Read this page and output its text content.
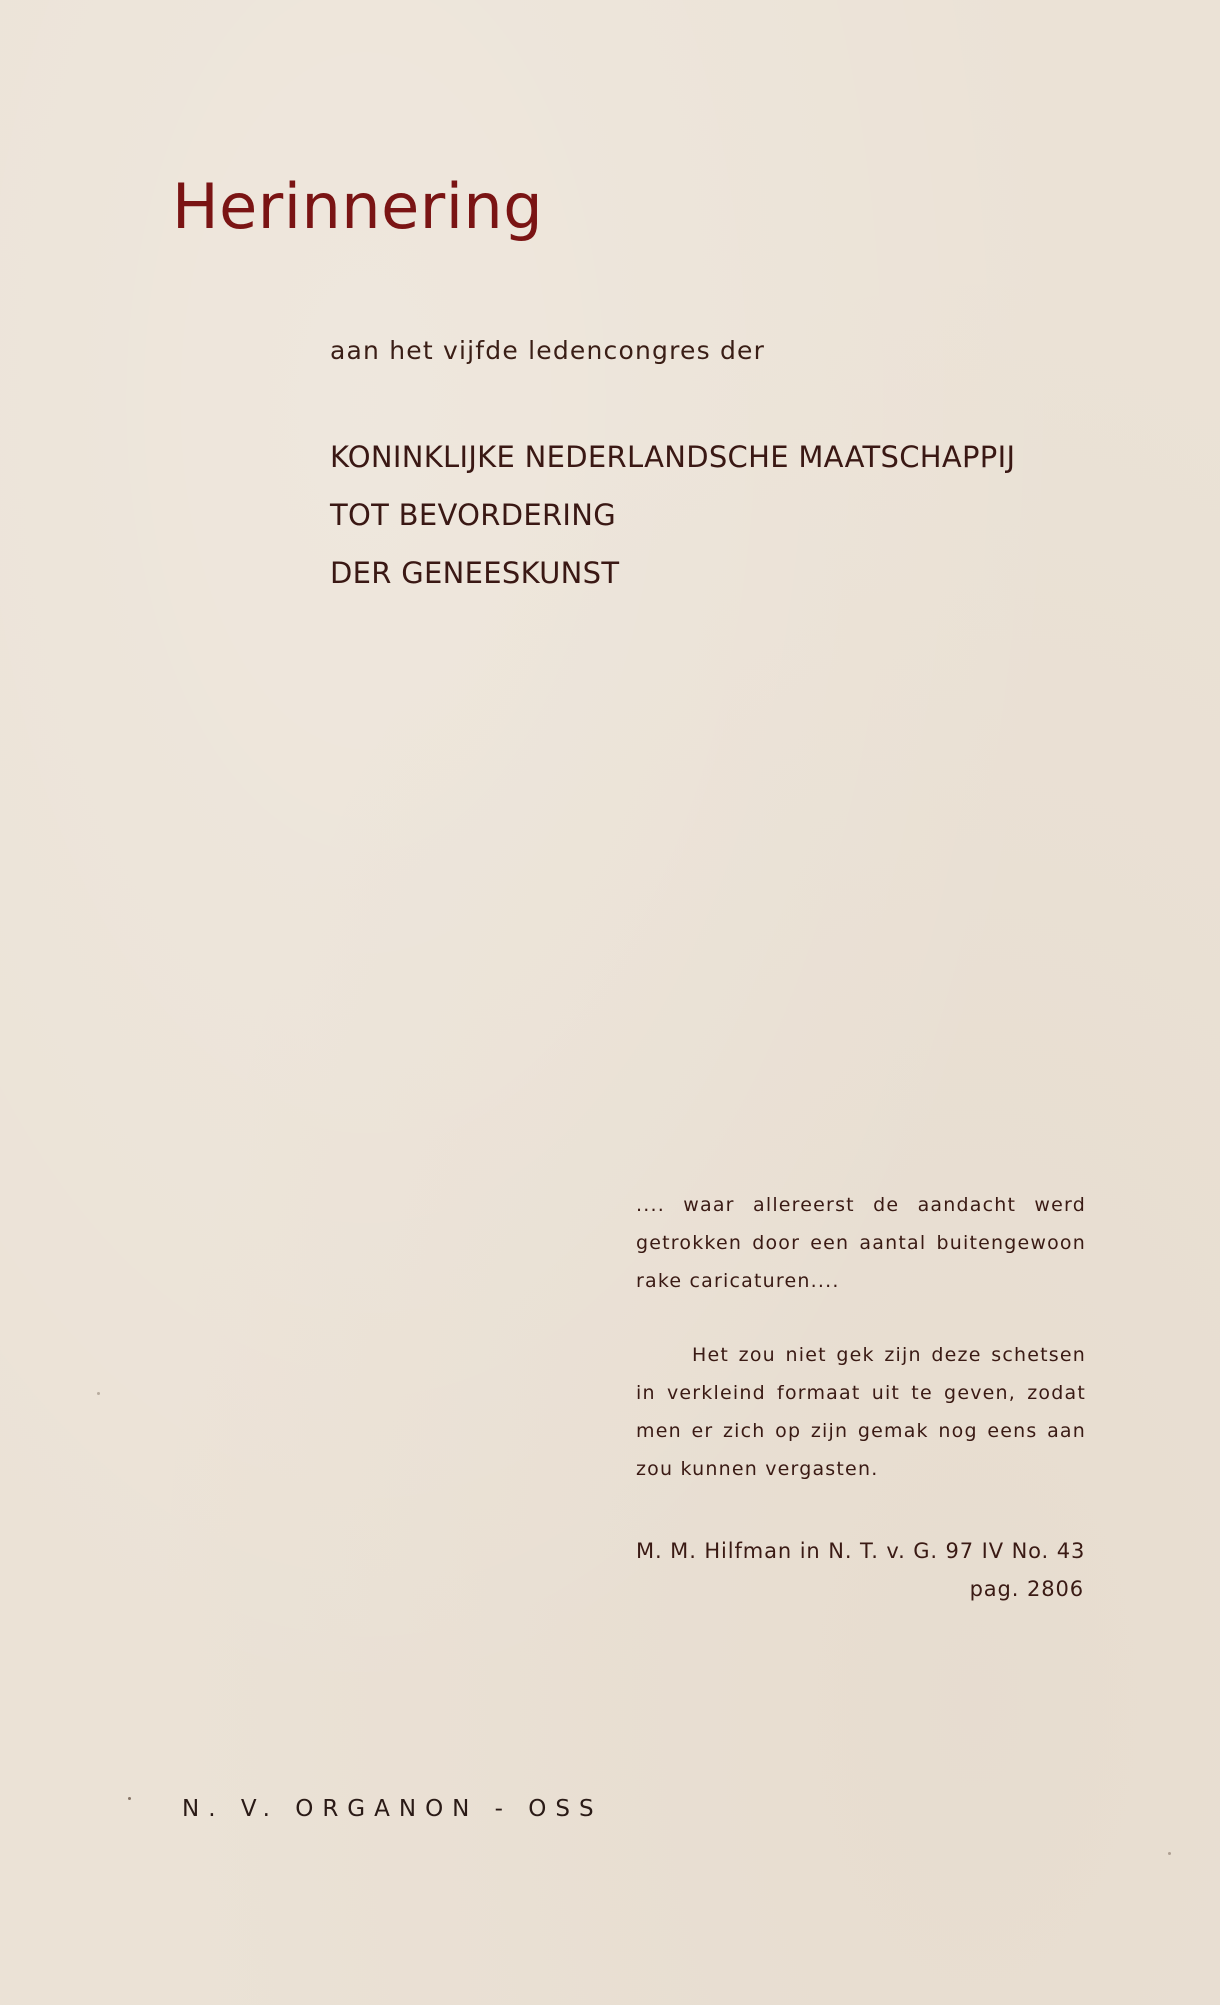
Herinnering

aan het vijfde ledencongres der

KONINKLIJKE NEDERLANDSCHE MAATSCHAPPIJ
TOT BEVORDERING
DER GENEESKUNST

.... waar allereerst de aandacht werd getrokken door een aantal buitengewoon rake caricaturen....

Het zou niet gek zijn deze schetsen in verkleind formaat uit te geven, zodat men er zich op zijn gemak nog eens aan zou kunnen vergasten.

M. M. Hilfman in N. T. v. G. 97 IV No. 43
pag. 2806
N. V. ORGANON - OSS
